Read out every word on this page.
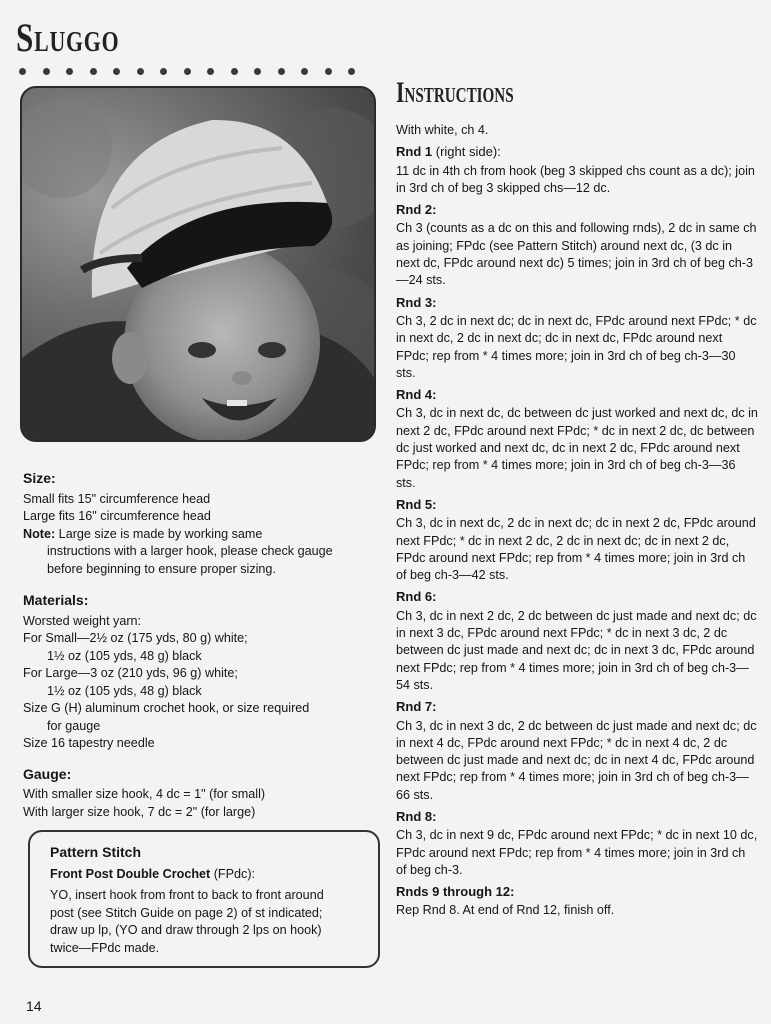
Sluggo

Size:

Small fits 15" circumference head

Large fits 16" circumference head

Note: Large size is made by working same

instructions with a larger hook, please check gauge

before beginning to ensure proper sizing.

Materials:

Worsted weight yarn:

For Small—2½ oz (175 yds, 80 g) white;

1½ oz (105 yds, 48 g) black

For Large—3 oz (210 yds, 96 g) white;

1½ oz (105 yds, 48 g) black

Size G (H) aluminum crochet hook, or size required

for gauge

Size 16 tapestry needle

Gauge:

With smaller size hook, 4 dc = 1" (for small)

With larger size hook, 7 dc = 2" (for large)

Pattern Stitch

Front Post Double Crochet (FPdc):

YO, insert hook from front to back to front around

post (see Stitch Guide on page 2) of st indicated;

draw up lp, (YO and draw through 2 lps on hook)

twice—FPdc made.

14
Instructions

With white, ch 4.

Rnd 1 (right side):

11 dc in 4th ch from hook (beg 3 skipped chs count as a dc); join in 3rd ch of beg 3 skipped chs—12 dc.

Rnd 2:

Ch 3 (counts as a dc on this and following rnds), 2 dc in same ch as joining; FPdc (see Pattern Stitch) around next dc, (3 dc in next dc, FPdc around next dc) 5 times; join in 3rd ch of beg ch-3—24 sts.

Rnd 3:

Ch 3, 2 dc in next dc; dc in next dc, FPdc around next FPdc; * dc in next dc, 2 dc in next dc; dc in next dc, FPdc around next FPdc; rep from * 4 times more; join in 3rd ch of beg ch-3—30 sts.

Rnd 4:

Ch 3, dc in next dc, dc between dc just worked and next dc, dc in next 2 dc, FPdc around next FPdc; * dc in next 2 dc, dc between dc just worked and next dc, dc in next 2 dc, FPdc around next FPdc; rep from * 4 times more; join in 3rd ch of beg ch-3—36 sts.

Rnd 5:

Ch 3, dc in next dc, 2 dc in next dc; dc in next 2 dc, FPdc around next FPdc; * dc in next 2 dc, 2 dc in next dc; dc in next 2 dc, FPdc around next FPdc; rep from * 4 times more; join in 3rd ch of beg ch-3—42 sts.

Rnd 6:

Ch 3, dc in next 2 dc, 2 dc between dc just made and next dc; dc in next 3 dc, FPdc around next FPdc; * dc in next 3 dc, 2 dc between dc just made and next dc; dc in next 3 dc, FPdc around next FPdc; rep from * 4 times more; join in 3rd ch of beg ch-3—54 sts.

Rnd 7:

Ch 3, dc in next 3 dc, 2 dc between dc just made and next dc; dc in next 4 dc, FPdc around next FPdc; * dc in next 4 dc, 2 dc between dc just made and next dc; dc in next 4 dc, FPdc around next FPdc; rep from * 4 times more; join in 3rd ch of beg ch-3—66 sts.

Rnd 8:

Ch 3, dc in next 9 dc, FPdc around next FPdc; * dc in next 10 dc, FPdc around next FPdc; rep from * 4 times more; join in 3rd ch of beg ch-3.

Rnds 9 through 12:

Rep Rnd 8. At end of Rnd 12, finish off.
